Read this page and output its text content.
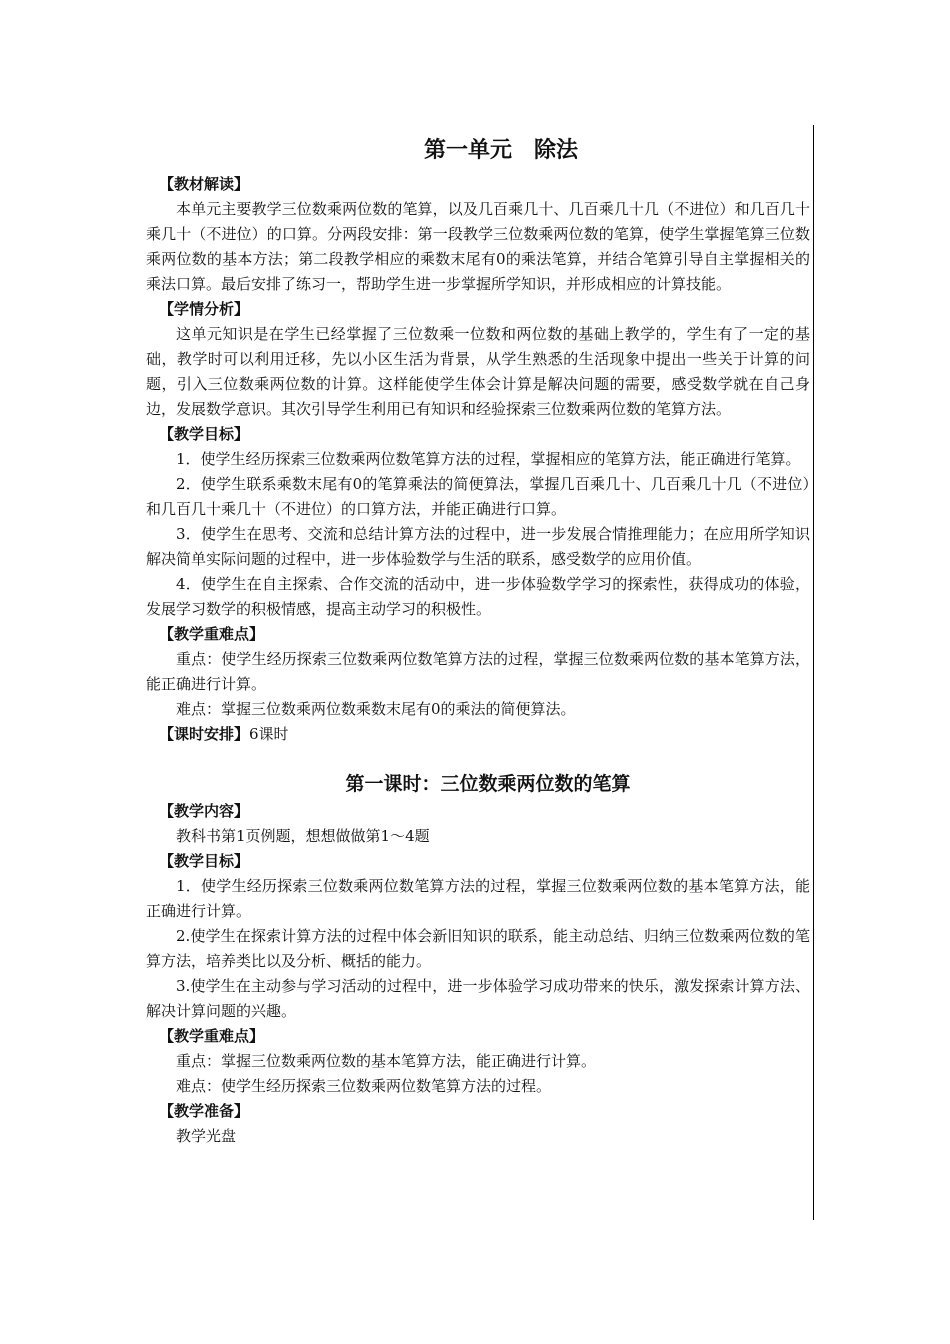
第一单元　除法
【教材解读】
本单元主要教学三位数乘两位数的笔算，以及几百乘几十、几百乘几十几（不进位）和几百几十乘几十（不进位）的口算。分两段安排：第一段教学三位数乘两位数的笔算，使学生掌握笔算三位数乘两位数的基本方法；第二段教学相应的乘数末尾有0的乘法笔算，并结合笔算引导自主掌握相关的乘法口算。最后安排了练习一，帮助学生进一步掌握所学知识，并形成相应的计算技能。
【学情分析】
这单元知识是在学生已经掌握了三位数乘一位数和两位数的基础上教学的，学生有了一定的基础，教学时可以利用迁移，先以小区生活为背景，从学生熟悉的生活现象中提出一些关于计算的问题，引入三位数乘两位数的计算。这样能使学生体会计算是解决问题的需要，感受数学就在自己身边，发展数学意识。其次引导学生利用已有知识和经验探索三位数乘两位数的笔算方法。
【教学目标】
1．使学生经历探索三位数乘两位数笔算方法的过程，掌握相应的笔算方法，能正确进行笔算。
2．使学生联系乘数末尾有0的笔算乘法的简便算法，掌握几百乘几十、几百乘几十几（不进位）和几百几十乘几十（不进位）的口算方法，并能正确进行口算。
3．使学生在思考、交流和总结计算方法的过程中，进一步发展合情推理能力；在应用所学知识解决简单实际问题的过程中，进一步体验数学与生活的联系，感受数学的应用价值。
4．使学生在自主探索、合作交流的活动中，进一步体验数学学习的探索性，获得成功的体验，发展学习数学的积极情感，提高主动学习的积极性。
【教学重难点】
重点：使学生经历探索三位数乘两位数笔算方法的过程，掌握三位数乘两位数的基本笔算方法，能正确进行计算。
难点：掌握三位数乘两位数乘数末尾有0的乘法的简便算法。
【课时安排】6课时
第一课时：三位数乘两位数的笔算
【教学内容】
教科书第1页例题，想想做做第1～4题
【教学目标】
1．使学生经历探索三位数乘两位数笔算方法的过程，掌握三位数乘两位数的基本笔算方法，能正确进行计算。
2.使学生在探索计算方法的过程中体会新旧知识的联系，能主动总结、归纳三位数乘两位数的笔算方法，培养类比以及分析、概括的能力。
3.使学生在主动参与学习活动的过程中，进一步体验学习成功带来的快乐，激发探索计算方法、解决计算问题的兴趣。
【教学重难点】
重点：掌握三位数乘两位数的基本笔算方法，能正确进行计算。
难点：使学生经历探索三位数乘两位数笔算方法的过程。
【教学准备】
教学光盘
